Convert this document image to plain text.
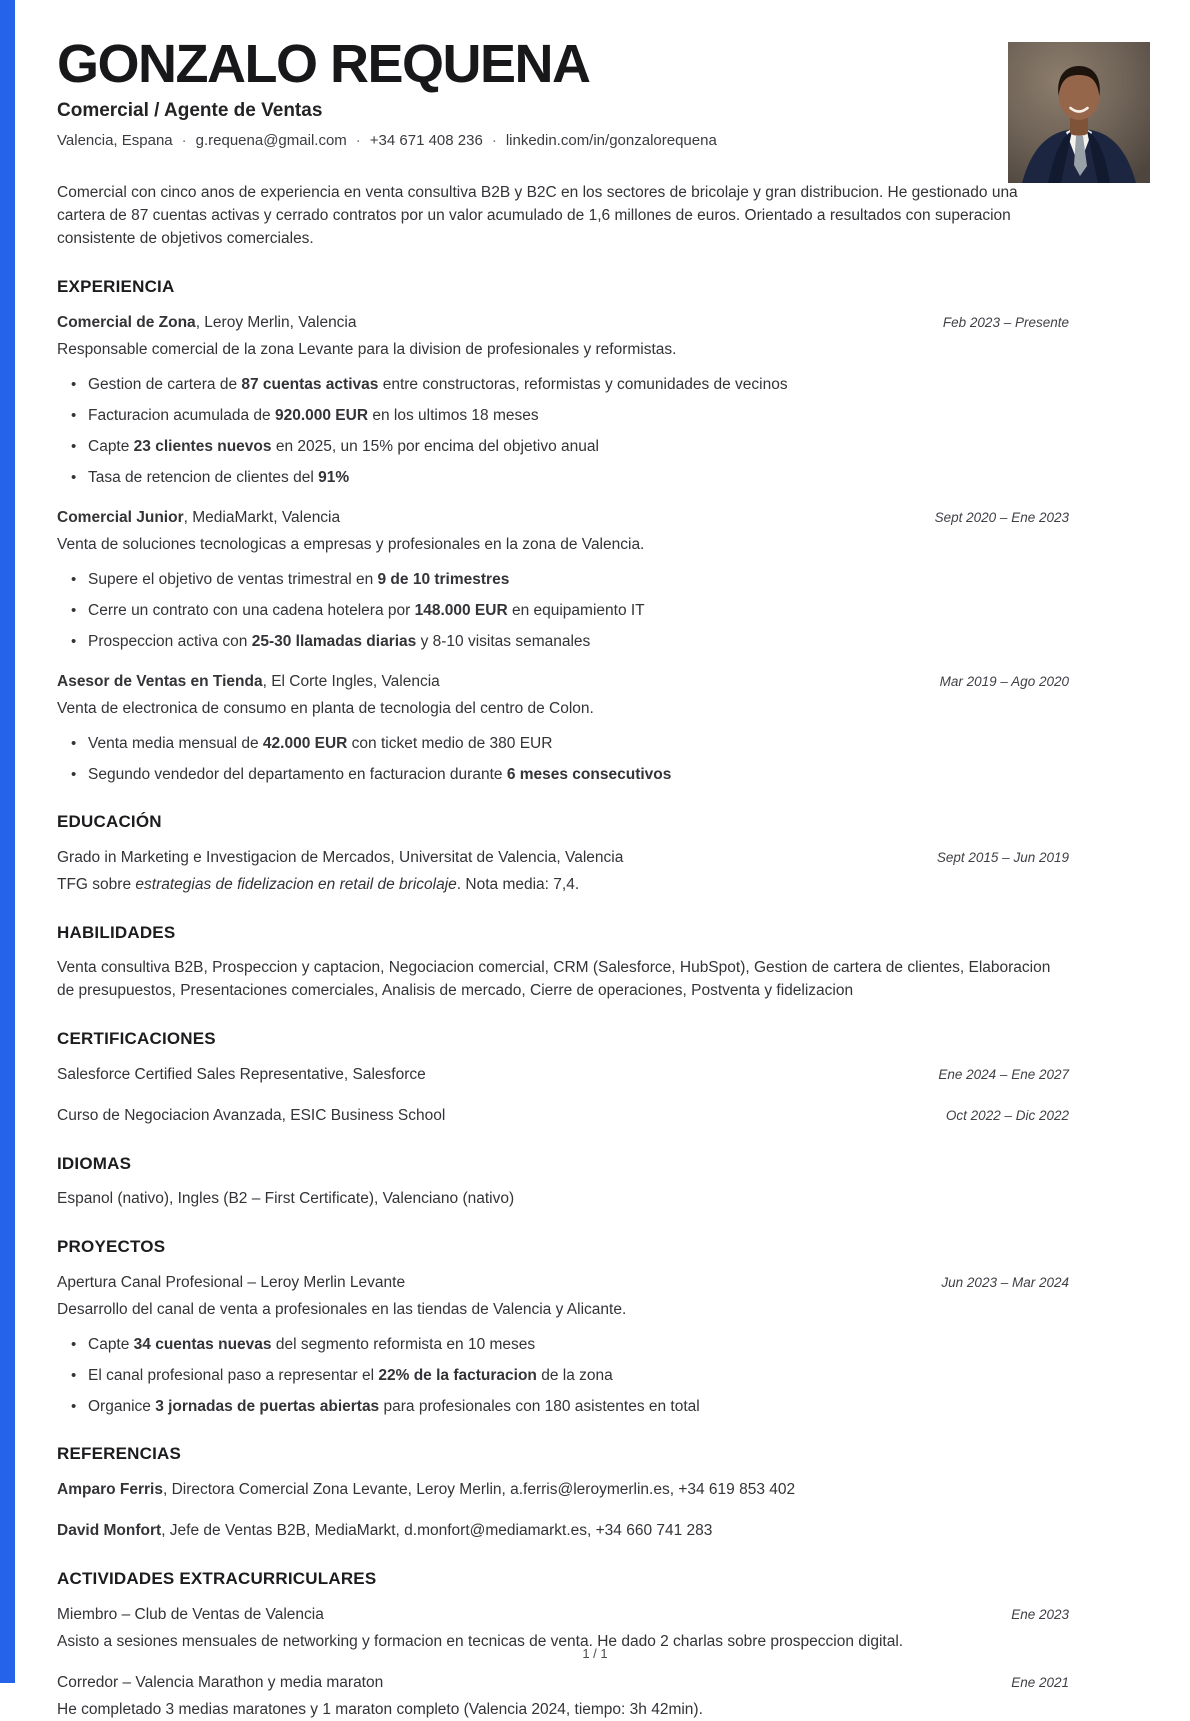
GONZALO REQUENA
Comercial / Agente de Ventas
Valencia, Espana · g.requena@gmail.com · +34 671 408 236 · linkedin.com/in/gonzalorequena

Comercial con cinco anos de experiencia en venta consultiva B2B y B2C en los sectores de bricolaje y gran distribucion. He gestionado una cartera de 87 cuentas activas y cerrado contratos por un valor acumulado de 1,6 millones de euros. Orientado a resultados con superacion consistente de objetivos comerciales.

EXPERIENCIA
Comercial de Zona, Leroy Merlin, Valencia	Feb 2023 – Presente
Responsable comercial de la zona Levante para la division de profesionales y reformistas.
• Gestion de cartera de 87 cuentas activas entre constructoras, reformistas y comunidades de vecinos
• Facturacion acumulada de 920.000 EUR en los ultimos 18 meses
• Capte 23 clientes nuevos en 2025, un 15% por encima del objetivo anual
• Tasa de retencion de clientes del 91%
Comercial Junior, MediaMarkt, Valencia	Sept 2020 – Ene 2023
Venta de soluciones tecnologicas a empresas y profesionales en la zona de Valencia.
• Supere el objetivo de ventas trimestral en 9 de 10 trimestres
• Cerre un contrato con una cadena hotelera por 148.000 EUR en equipamiento IT
• Prospeccion activa con 25-30 llamadas diarias y 8-10 visitas semanales
Asesor de Ventas en Tienda, El Corte Ingles, Valencia	Mar 2019 – Ago 2020
Venta de electronica de consumo en planta de tecnologia del centro de Colon.
• Venta media mensual de 42.000 EUR con ticket medio de 380 EUR
• Segundo vendedor del departamento en facturacion durante 6 meses consecutivos
EDUCACIÓN
Grado in Marketing e Investigacion de Mercados, Universitat de Valencia, Valencia	Sept 2015 – Jun 2019
TFG sobre estrategias de fidelizacion en retail de bricolaje. Nota media: 7,4.
HABILIDADES

Venta consultiva B2B, Prospeccion y captacion, Negociacion comercial, CRM (Salesforce, HubSpot), Gestion de cartera de clientes, Elaboracion de presupuestos, Presentaciones comerciales, Analisis de mercado, Cierre de operaciones, Postventa y fidelizacion

CERTIFICACIONES
Salesforce Certified Sales Representative, Salesforce	Ene 2024 – Ene 2027
Curso de Negociacion Avanzada, ESIC Business School	Oct 2022 – Dic 2022
IDIOMAS

Espanol (nativo), Ingles (B2 – First Certificate), Valenciano (nativo)

PROYECTOS
Apertura Canal Profesional – Leroy Merlin Levante	Jun 2023 – Mar 2024
Desarrollo del canal de venta a profesionales en las tiendas de Valencia y Alicante.
• Capte 34 cuentas nuevas del segmento reformista en 10 meses
• El canal profesional paso a representar el 22% de la facturacion de la zona
• Organice 3 jornadas de puertas abiertas para profesionales con 180 asistentes en total
REFERENCIAS
Amparo Ferris, Directora Comercial Zona Levante, Leroy Merlin, a.ferris@leroymerlin.es, +34 619 853 402
David Monfort, Jefe de Ventas B2B, MediaMarkt, d.monfort@mediamarkt.es, +34 660 741 283
ACTIVIDADES EXTRACURRICULARES
Miembro – Club de Ventas de Valencia	Ene 2023
Asisto a sesiones mensuales de networking y formacion en tecnicas de venta. He dado 2 charlas sobre prospeccion digital.
Corredor – Valencia Marathon y media maraton	Ene 2021
He completado 3 medias maratones y 1 maraton completo (Valencia 2024, tiempo: 3h 42min).
1 / 1
